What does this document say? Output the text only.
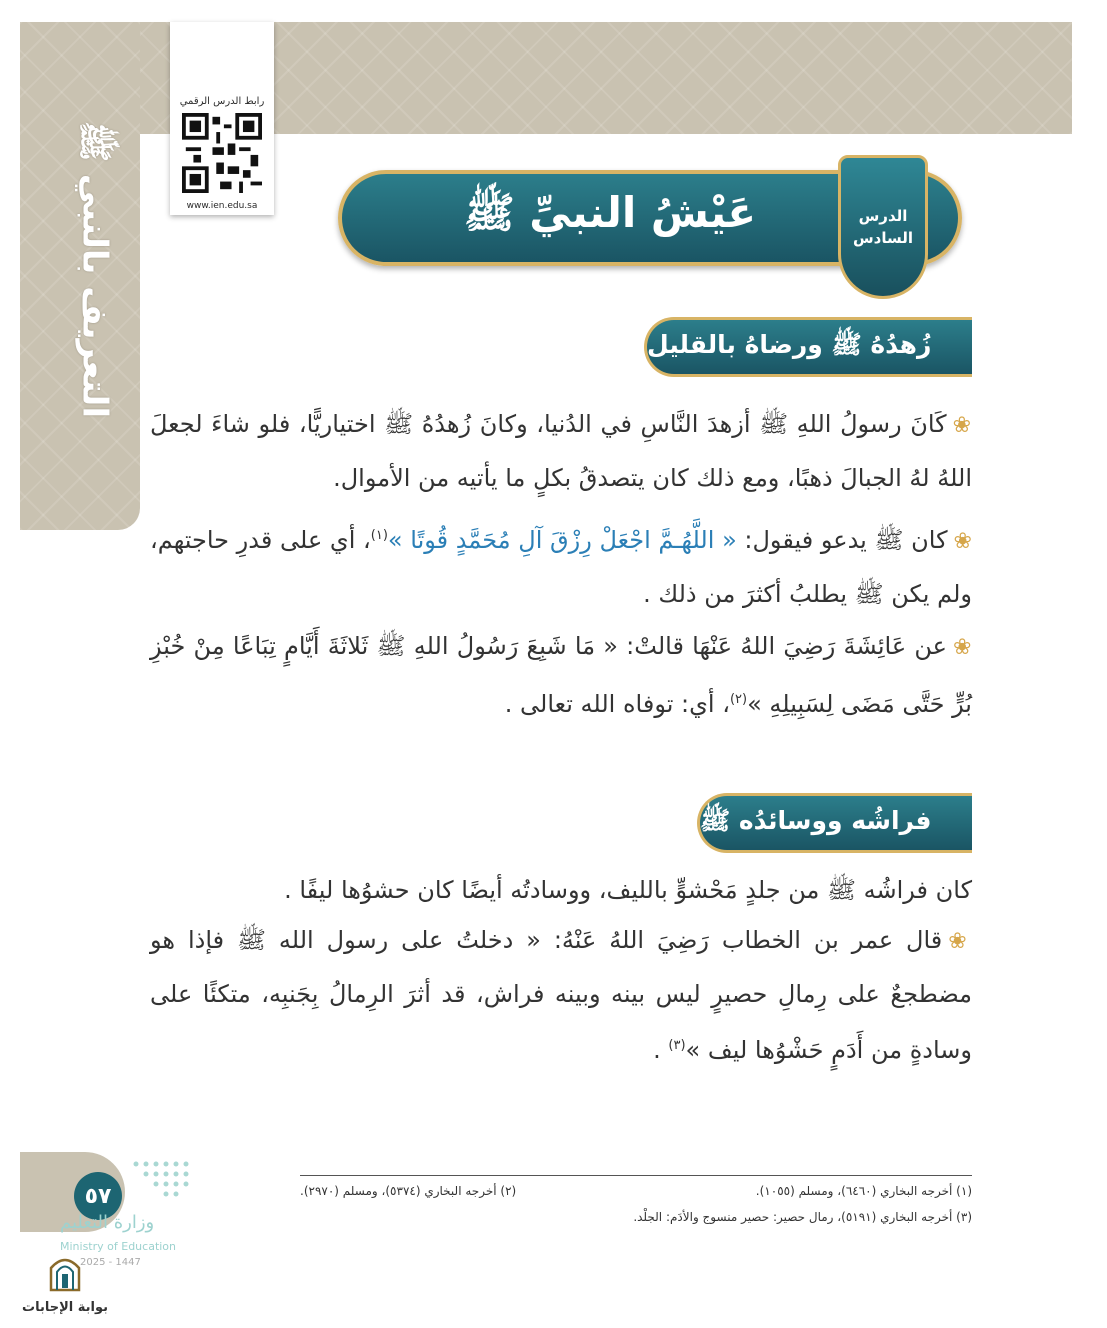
التعريف بالنبي ﷺ
رابط الدرس الرقمي
www.ien.edu.sa	عَيْشُ النبيِّ ﷺ	الدرس
السادس
زُهدُهُ ﷺ ورضاهُ بالقليل
❀كَانَ رسولُ اللهِ ﷺ أزهدَ النَّاسِ في الدُنيا، وكانَ زُهدُهُ ﷺ اختياريًّا، فلو شاءَ لجعلَ اللهُ لهُ الجبالَ ذهبًا، ومع ذلك كان يتصدقُ بكلٍ ما يأتيه من الأموال.
❀كان ﷺ يدعو فيقول: « اللَّهُـمَّ اجْعَلْ رِزْقَ آلِ مُحَمَّدٍ قُوتًا »$^{(١)}$، أي على قدرِ حاجتهم، ولم يكن ﷺ يطلبُ أكثرَ من ذلك .
❀عن عَائِشَةَ رَضِيَ اللهُ عَنْهَا قالتْ: « مَا شَبِعَ رَسُولُ اللهِ ﷺ ثَلاثَةَ أَيَّامٍ تِبَاعًا مِنْ خُبْزِ بُرٍّ حَتَّى مَضَى لِسَبِيلِهِ »$^{(٢)}$، أي: توفاه الله تعالى .
فراشُه ووسائدُه ﷺ
كان فراشُه ﷺ من جلدٍ مَحْشوٍّ بالليف، ووسادتُه أيضًا كان حشوُها ليفًا .
❀قال عمر بن الخطاب رَضِيَ اللهُ عَنْهُ: « دخلتُ على رسول الله ﷺ فإذا هو مضطجعٌ على رِمالِ حصيرٍ ليس بينه وبينه فراش، قد أثرَ الرِمالُ بِجَنبِه، متكئًا على وسادةٍ من أَدَمٍ حَشْوُها ليف »$^{(٣)}$ .
(١) أخرجه البخاري (٦٤٦٠)، ومسلم (١٠٥٥).
(٢) أخرجه البخاري (٥٣٧٤)، ومسلم (٢٩٧٠).
(٣) أخرجه البخاري (٥١٩١)، رمال حصير: حصير منسوج والأدَم: الجلْد.
٥٧
وزارة التعليم
Ministry of Education
2025 - 1447
بوابة الإجابات
